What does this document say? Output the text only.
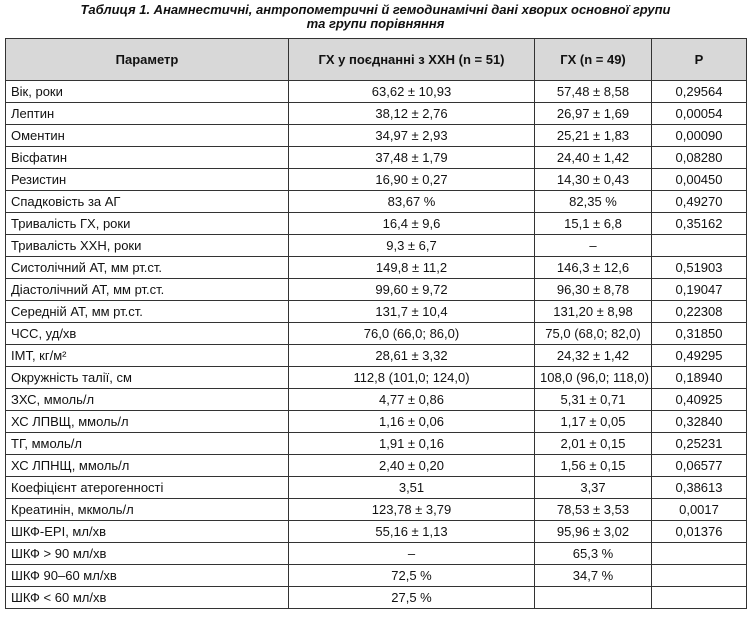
Таблиця 1. Анамнестичні, антропометричні й гемодинамічні дані хворих основної групи
та групи порівняння
Параметр	ГХ у поєднанні з ХХН (n = 51)	ГХ (n = 49)	Р
Вік, роки	63,62 ± 10,93	57,48 ± 8,58	0,29564
Лептин	38,12 ± 2,76	26,97 ± 1,69	0,00054
Оментин	34,97 ± 2,93	25,21 ± 1,83	0,00090
Вісфатин	37,48 ± 1,79	24,40 ± 1,42	0,08280
Резистин	16,90 ± 0,27	14,30 ± 0,43	0,00450
Спадковість за АГ	83,67 %	82,35 %	0,49270
Тривалість ГХ, роки	16,4 ± 9,6	15,1 ± 6,8	0,35162
Тривалість ХХН, роки	9,3 ± 6,7	–	
Систолічний АТ, мм рт.ст.	149,8 ± 11,2	146,3 ± 12,6	0,51903
Діастолічний АТ, мм рт.ст.	99,60 ± 9,72	96,30 ± 8,78	0,19047
Середній АТ, мм рт.ст.	131,7 ± 10,4	131,20 ± 8,98	0,22308
ЧСС, уд/хв	76,0 (66,0; 86,0)	75,0 (68,0; 82,0)	0,31850
ІМТ, кг/м²	28,61 ± 3,32	24,32 ± 1,42	0,49295
Окружність талії, см	112,8 (101,0; 124,0)	108,0 (96,0; 118,0)	0,18940
ЗХС, ммоль/л	4,77 ± 0,86	5,31 ± 0,71	0,40925
ХС ЛПВЩ, ммоль/л	1,16 ± 0,06	1,17 ± 0,05	0,32840
ТГ, ммоль/л	1,91 ± 0,16	2,01 ± 0,15	0,25231
ХС ЛПНЩ, ммоль/л	2,40 ± 0,20	1,56 ± 0,15	0,06577
Коефіцієнт атерогенності	3,51	3,37	0,38613
Креатинін, мкмоль/л	123,78 ± 3,79	78,53 ± 3,53	0,0017
ШКФ-EPI, мл/хв	55,16 ± 1,13	95,96 ± 3,02	0,01376
ШКФ > 90 мл/хв	–	65,3 %	
ШКФ 90–60 мл/хв	72,5 %	34,7 %	
ШКФ < 60 мл/хв	27,5 %		
